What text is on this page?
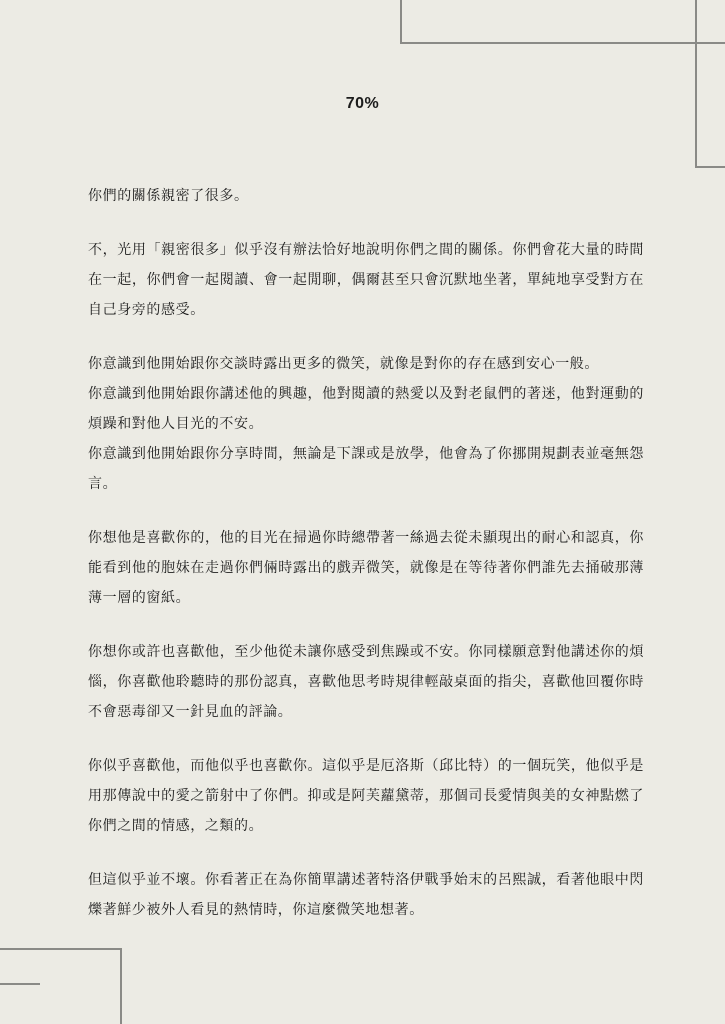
70%

你們的關係親密了很多。

不，光用「親密很多」似乎沒有辦法恰好地說明你們之間的關係。你們會花大量的時間在一起，你們會一起閱讀、會一起閒聊，偶爾甚至只會沉默地坐著，單純地享受對方在自己身旁的感受。

你意識到他開始跟你交談時露出更多的微笑，就像是對你的存在感到安心一般。

你意識到他開始跟你講述他的興趣，他對閱讀的熱愛以及對老鼠們的著迷，他對運動的煩躁和對他人目光的不安。

你意識到他開始跟你分享時間，無論是下課或是放學，他會為了你挪開規劃表並毫無怨言。

你想他是喜歡你的，他的目光在掃過你時總帶著一絲過去從未顯現出的耐心和認真，你能看到他的胞妹在走過你們倆時露出的戲弄微笑，就像是在等待著你們誰先去捅破那薄薄一層的窗紙。

你想你或許也喜歡他，至少他從未讓你感受到焦躁或不安。你同樣願意對他講述你的煩惱，你喜歡他聆聽時的那份認真，喜歡他思考時規律輕敲桌面的指尖，喜歡他回覆你時不會惡毒卻又一針見血的評論。

你似乎喜歡他，而他似乎也喜歡你。這似乎是厄洛斯（邱比特）的一個玩笑，他似乎是用那傳說中的愛之箭射中了你們。抑或是阿芙蘿黛蒂，那個司長愛情與美的女神點燃了你們之間的情感，之類的。

但這似乎並不壞。你看著正在為你簡單講述著特洛伊戰爭始末的呂熙誠，看著他眼中閃爍著鮮少被外人看見的熱情時，你這麼微笑地想著。
